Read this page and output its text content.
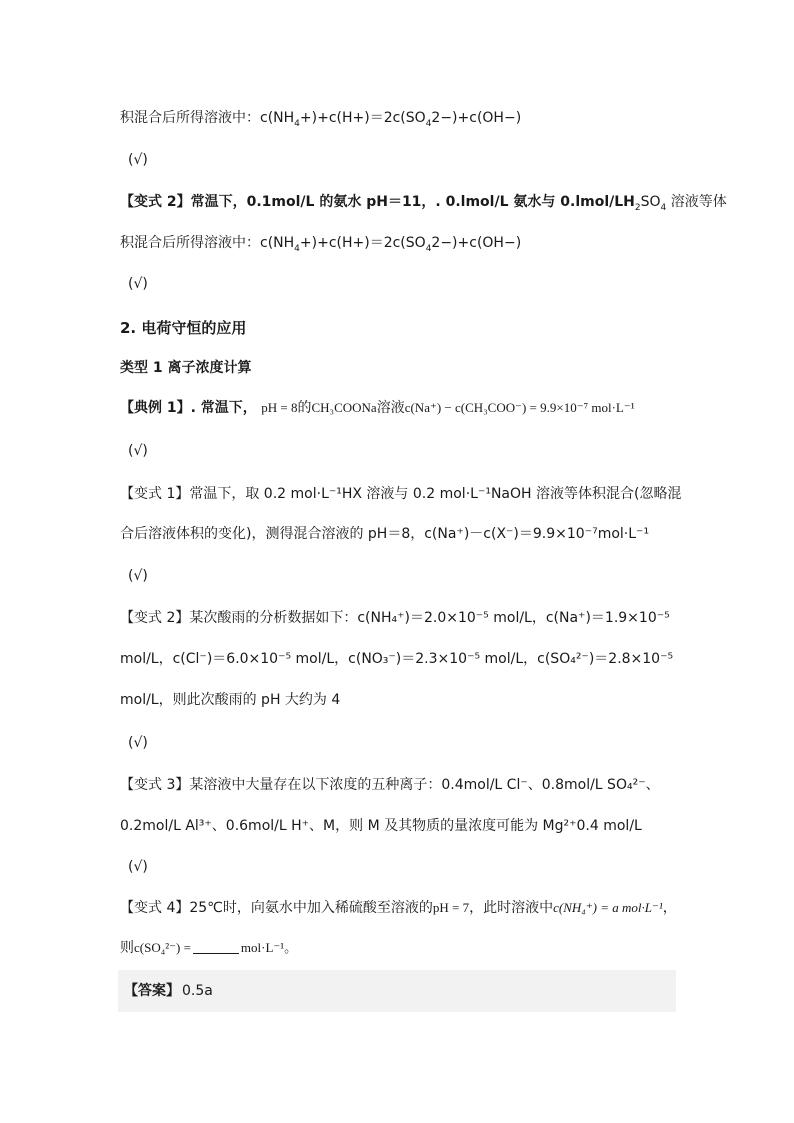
积混合后所得溶液中：$c(NH_4+)+c(H+)=2c(SO_42-)+c(OH-)$
(√)
【变式 2】常温下，0.1mol/L 的氨水 pH＝11，. 0.lmol/L 氨水与 $0.lmol/LH_2SO_4$ 溶液等体
积混合后所得溶液中：$c(NH_4+)+c(H+)=2c(SO_42-)+c(OH-)$
(√)
2. 电荷守恒的应用
类型 1 离子浓度计算
【典例 1】. 常温下， pH = 8的CH₃COONa溶液c(Na⁺) − c(CH₃COO⁻) = 9.9×10⁻⁷ mol·L⁻¹
(√)
【变式 1】常温下，取 0.2 mol·L⁻¹HX 溶液与 0.2 mol·L⁻¹NaOH 溶液等体积混合(忽略混
合后溶液体积的变化)，测得混合溶液的 pH＝8，c(Na⁺)－c(X⁻)＝9.9×10⁻⁷mol·L⁻¹
(√)
【变式 2】某次酸雨的分析数据如下：c(NH₄⁺)＝2.0×10⁻⁵ mol/L，c(Na⁺)＝1.9×10⁻⁵
mol/L，c(Cl⁻)＝6.0×10⁻⁵ mol/L，c(NO₃⁻)＝2.3×10⁻⁵ mol/L，c(SO₄²⁻)＝2.8×10⁻⁵
mol/L，则此次酸雨的 pH 大约为 4
(√)
【变式 3】某溶液中大量存在以下浓度的五种离子：0.4mol/L Cl⁻、0.8mol/L SO₄²⁻、
0.2mol/L Al³⁺、0.6mol/L H⁺、M，则 M 及其物质的量浓度可能为 Mg²⁺0.4 mol/L
(√)
【变式 4】25℃时，向氨水中加入稀硫酸至溶液的pH = 7，此时溶液中c(NH₄⁺) = a mol·L⁻¹，
则c(SO₄²⁻) =	mol·L⁻¹。
【答案】 0.5a
